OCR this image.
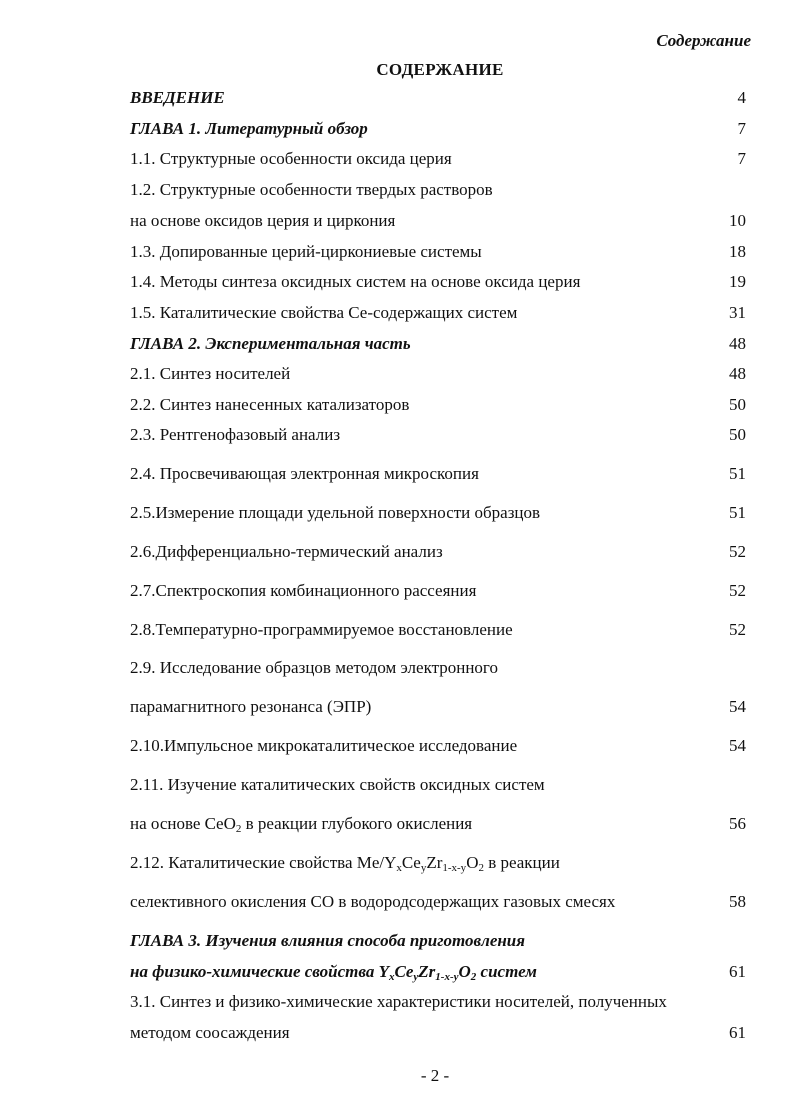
Содержание
СОДЕРЖАНИЕ
ВВЕДЕНИЕ	4
ГЛАВА 1. Литературный обзор	7
1.1. Структурные особенности оксида церия	7
1.2. Структурные особенности твердых растворов
на основе оксидов церия и циркония	10
1.3. Допированные церий-циркониевые системы	18
1.4. Методы синтеза оксидных систем на основе оксида церия	19
1.5. Каталитические свойства Се-содержащих систем	31
ГЛАВА 2. Экспериментальная часть	48
2.1. Синтез носителей	48
2.2. Синтез нанесенных катализаторов	50
2.3. Рентгенофазовый анализ	50
2.4. Просвечивающая электронная микроскопия	51
2.5.Измерение площади удельной поверхности образцов	51
2.6.Дифференциально-термический анализ	52
2.7.Спектроскопия комбинационного рассеяния	52
2.8.Температурно-программируемое восстановление	52
2.9. Исследование образцов методом электронного
парамагнитного резонанса (ЭПР)	54
2.10.Импульсное микрокаталитическое исследование	54
2.11. Изучение каталитических свойств оксидных систем
на основе CeO$_2$ в реакции глубокого окисления	56
2.12. Каталитические свойства $Me/Y_xCe_yZr_{1-x-y}O_2$ в реакции
селективного окисления СО в водородсодержащих газовых смесях	58
ГЛАВА 3. Изучения влияния способа приготовления
на физико-химические свойства $Y_xCe_yZr_{1-x-y}O_2$ систем	61
3.1. Синтез и физико-химические характеристики носителей, полученных
методом соосаждения	61
- 2 -
